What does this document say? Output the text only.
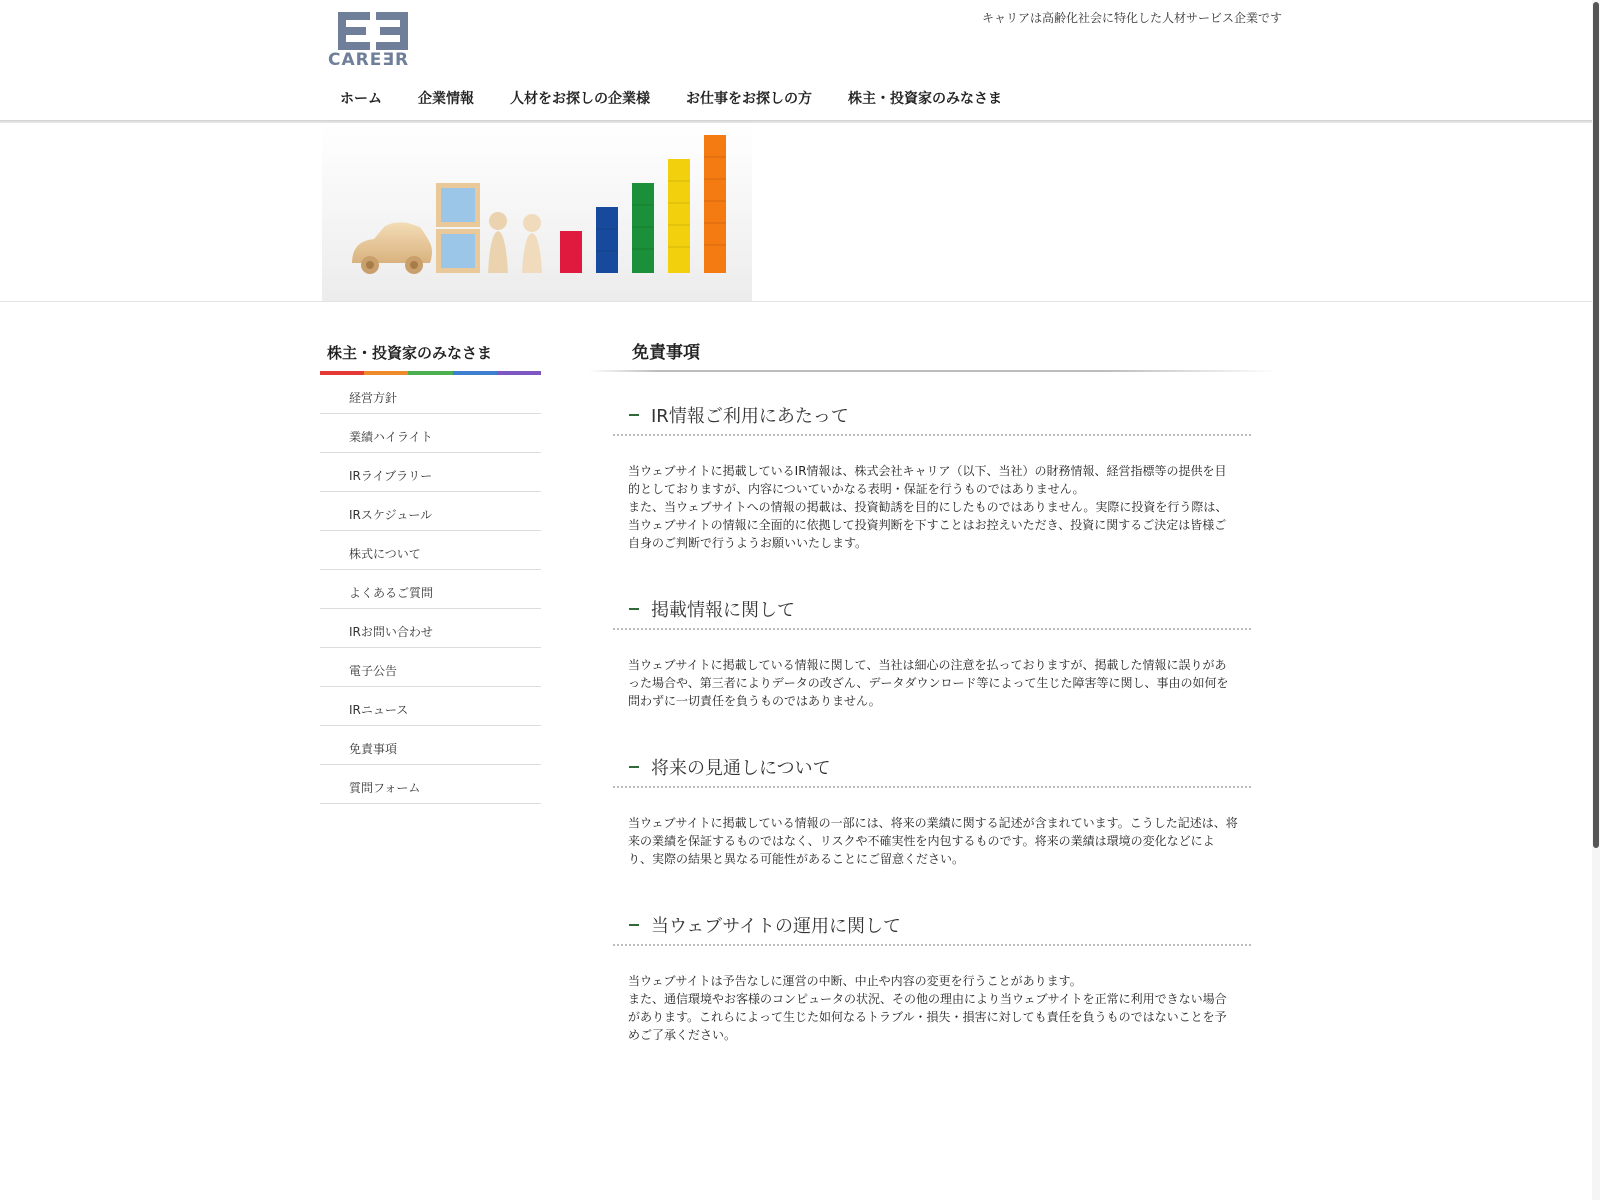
CAREƎR
キャリアは高齢化社会に特化した人材サービス企業です
ホーム	企業情報	人材をお探しの企業様	お仕事をお探しの方	株主・投資家のみなさま
株主・投資家のみなさま
経営方針
業績ハイライト
IRライブラリー
IRスケジュール
株式について
よくあるご質問
IRお問い合わせ
電子公告
IRニュース
免責事項
質問フォーム
免責事項
IR情報ご利用にあたって

当ウェブサイトに掲載しているIR情報は、株式会社キャリア（以下、当社）の財務情報、経営指標等の提供を目的としておりますが、内容についていかなる表明・保証を行うものではありません。

また、当ウェブサイトへの情報の掲載は、投資勧誘を目的にしたものではありません。実際に投資を行う際は、当ウェブサイトの情報に全面的に依拠して投資判断を下すことはお控えいただき、投資に関するご決定は皆様ご自身のご判断で行うようお願いいたします。

掲載情報に関して

当ウェブサイトに掲載している情報に関して、当社は細心の注意を払っておりますが、掲載した情報に誤りがあった場合や、第三者によりデータの改ざん、データダウンロード等によって生じた障害等に関し、事由の如何を問わずに一切責任を負うものではありません。

将来の見通しについて

当ウェブサイトに掲載している情報の一部には、将来の業績に関する記述が含まれています。こうした記述は、将来の業績を保証するものではなく、リスクや不確実性を内包するものです。将来の業績は環境の変化などにより、実際の結果と異なる可能性があることにご留意ください。

当ウェブサイトの運用に関して

当ウェブサイトは予告なしに運営の中断、中止や内容の変更を行うことがあります。

また、通信環境やお客様のコンピュータの状況、その他の理由により当ウェブサイトを正常に利用できない場合があります。これらによって生じた如何なるトラブル・損失・損害に対しても責任を負うものではないことを予めご了承ください。
